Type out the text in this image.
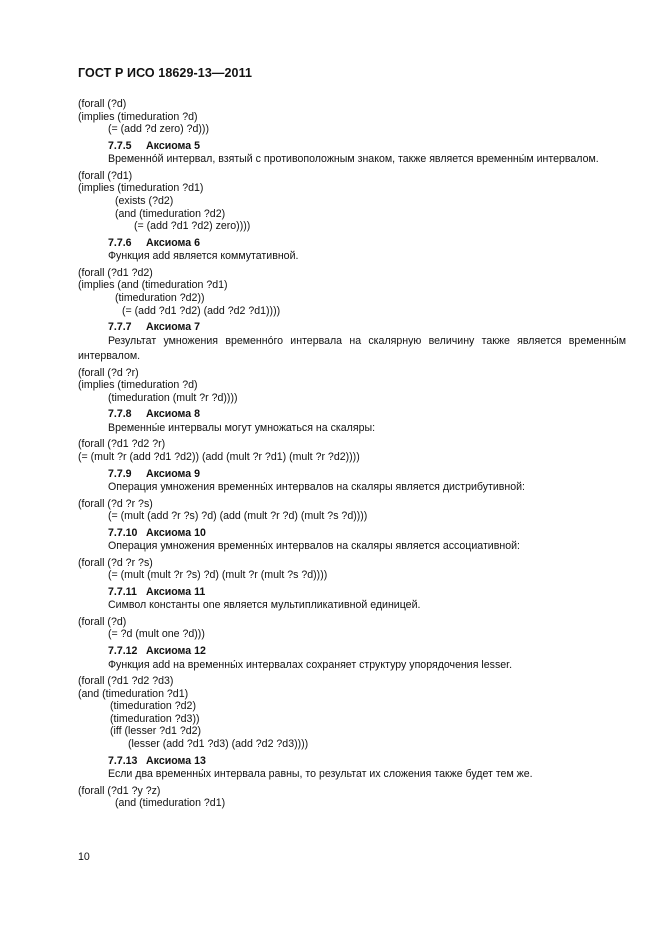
ГОСТ Р ИСО 18629-13—2011
(forall (?d)
(implies (timeduration ?d)
(= (add ?d zero) ?d)))
7.7.5 Аксиома 5

Временно́й интервал, взятый с противоположным знаком, также является временны́м интервалом.

(forall (?d1)
(implies (timeduration ?d1)
(exists (?d2)
(and (timeduration ?d2)
(= (add ?d1 ?d2) zero))))
7.7.6 Аксиома 6

Функция add является коммутативной.

(forall (?d1 ?d2)
(implies (and (timeduration ?d1)
(timeduration ?d2))
(= (add ?d1 ?d2) (add ?d2 ?d1))))
7.7.7 Аксиома 7

Результат умножения временно́го интервала на скалярную величину также является временны́м интервалом.

(forall (?d ?r)
(implies (timeduration ?d)
(timeduration (mult ?r ?d))))
7.7.8 Аксиома 8

Временны́е интервалы могут умножаться на скаляры:

(forall (?d1 ?d2 ?r)
(= (mult ?r (add ?d1 ?d2)) (add (mult ?r ?d1) (mult ?r ?d2))))
7.7.9 Аксиома 9

Операция умножения временны́х интервалов на скаляры является дистрибутивной:

(forall (?d ?r ?s)
(= (mult (add ?r ?s) ?d) (add (mult ?r ?d) (mult ?s ?d))))
7.7.10 Аксиома 10

Операция умножения временны́х интервалов на скаляры является ассоциативной:

(forall (?d ?r ?s)
(= (mult (mult ?r ?s) ?d) (mult ?r (mult ?s ?d))))
7.7.11 Аксиома 11

Символ константы one является мультипликативной единицей.

(forall (?d)
(= ?d (mult one ?d)))
7.7.12 Аксиома 12

Функция add на временны́х интервалах сохраняет структуру упорядочения lesser.

(forall (?d1 ?d2 ?d3)
(and (timeduration ?d1)
(timeduration ?d2)
(timeduration ?d3))
(iff (lesser ?d1 ?d2)
(lesser (add ?d1 ?d3) (add ?d2 ?d3))))
7.7.13 Аксиома 13

Если два временны́х интервала равны, то результат их сложения также будет тем же.

(forall (?d1 ?y ?z)
(and (timeduration ?d1)
10
